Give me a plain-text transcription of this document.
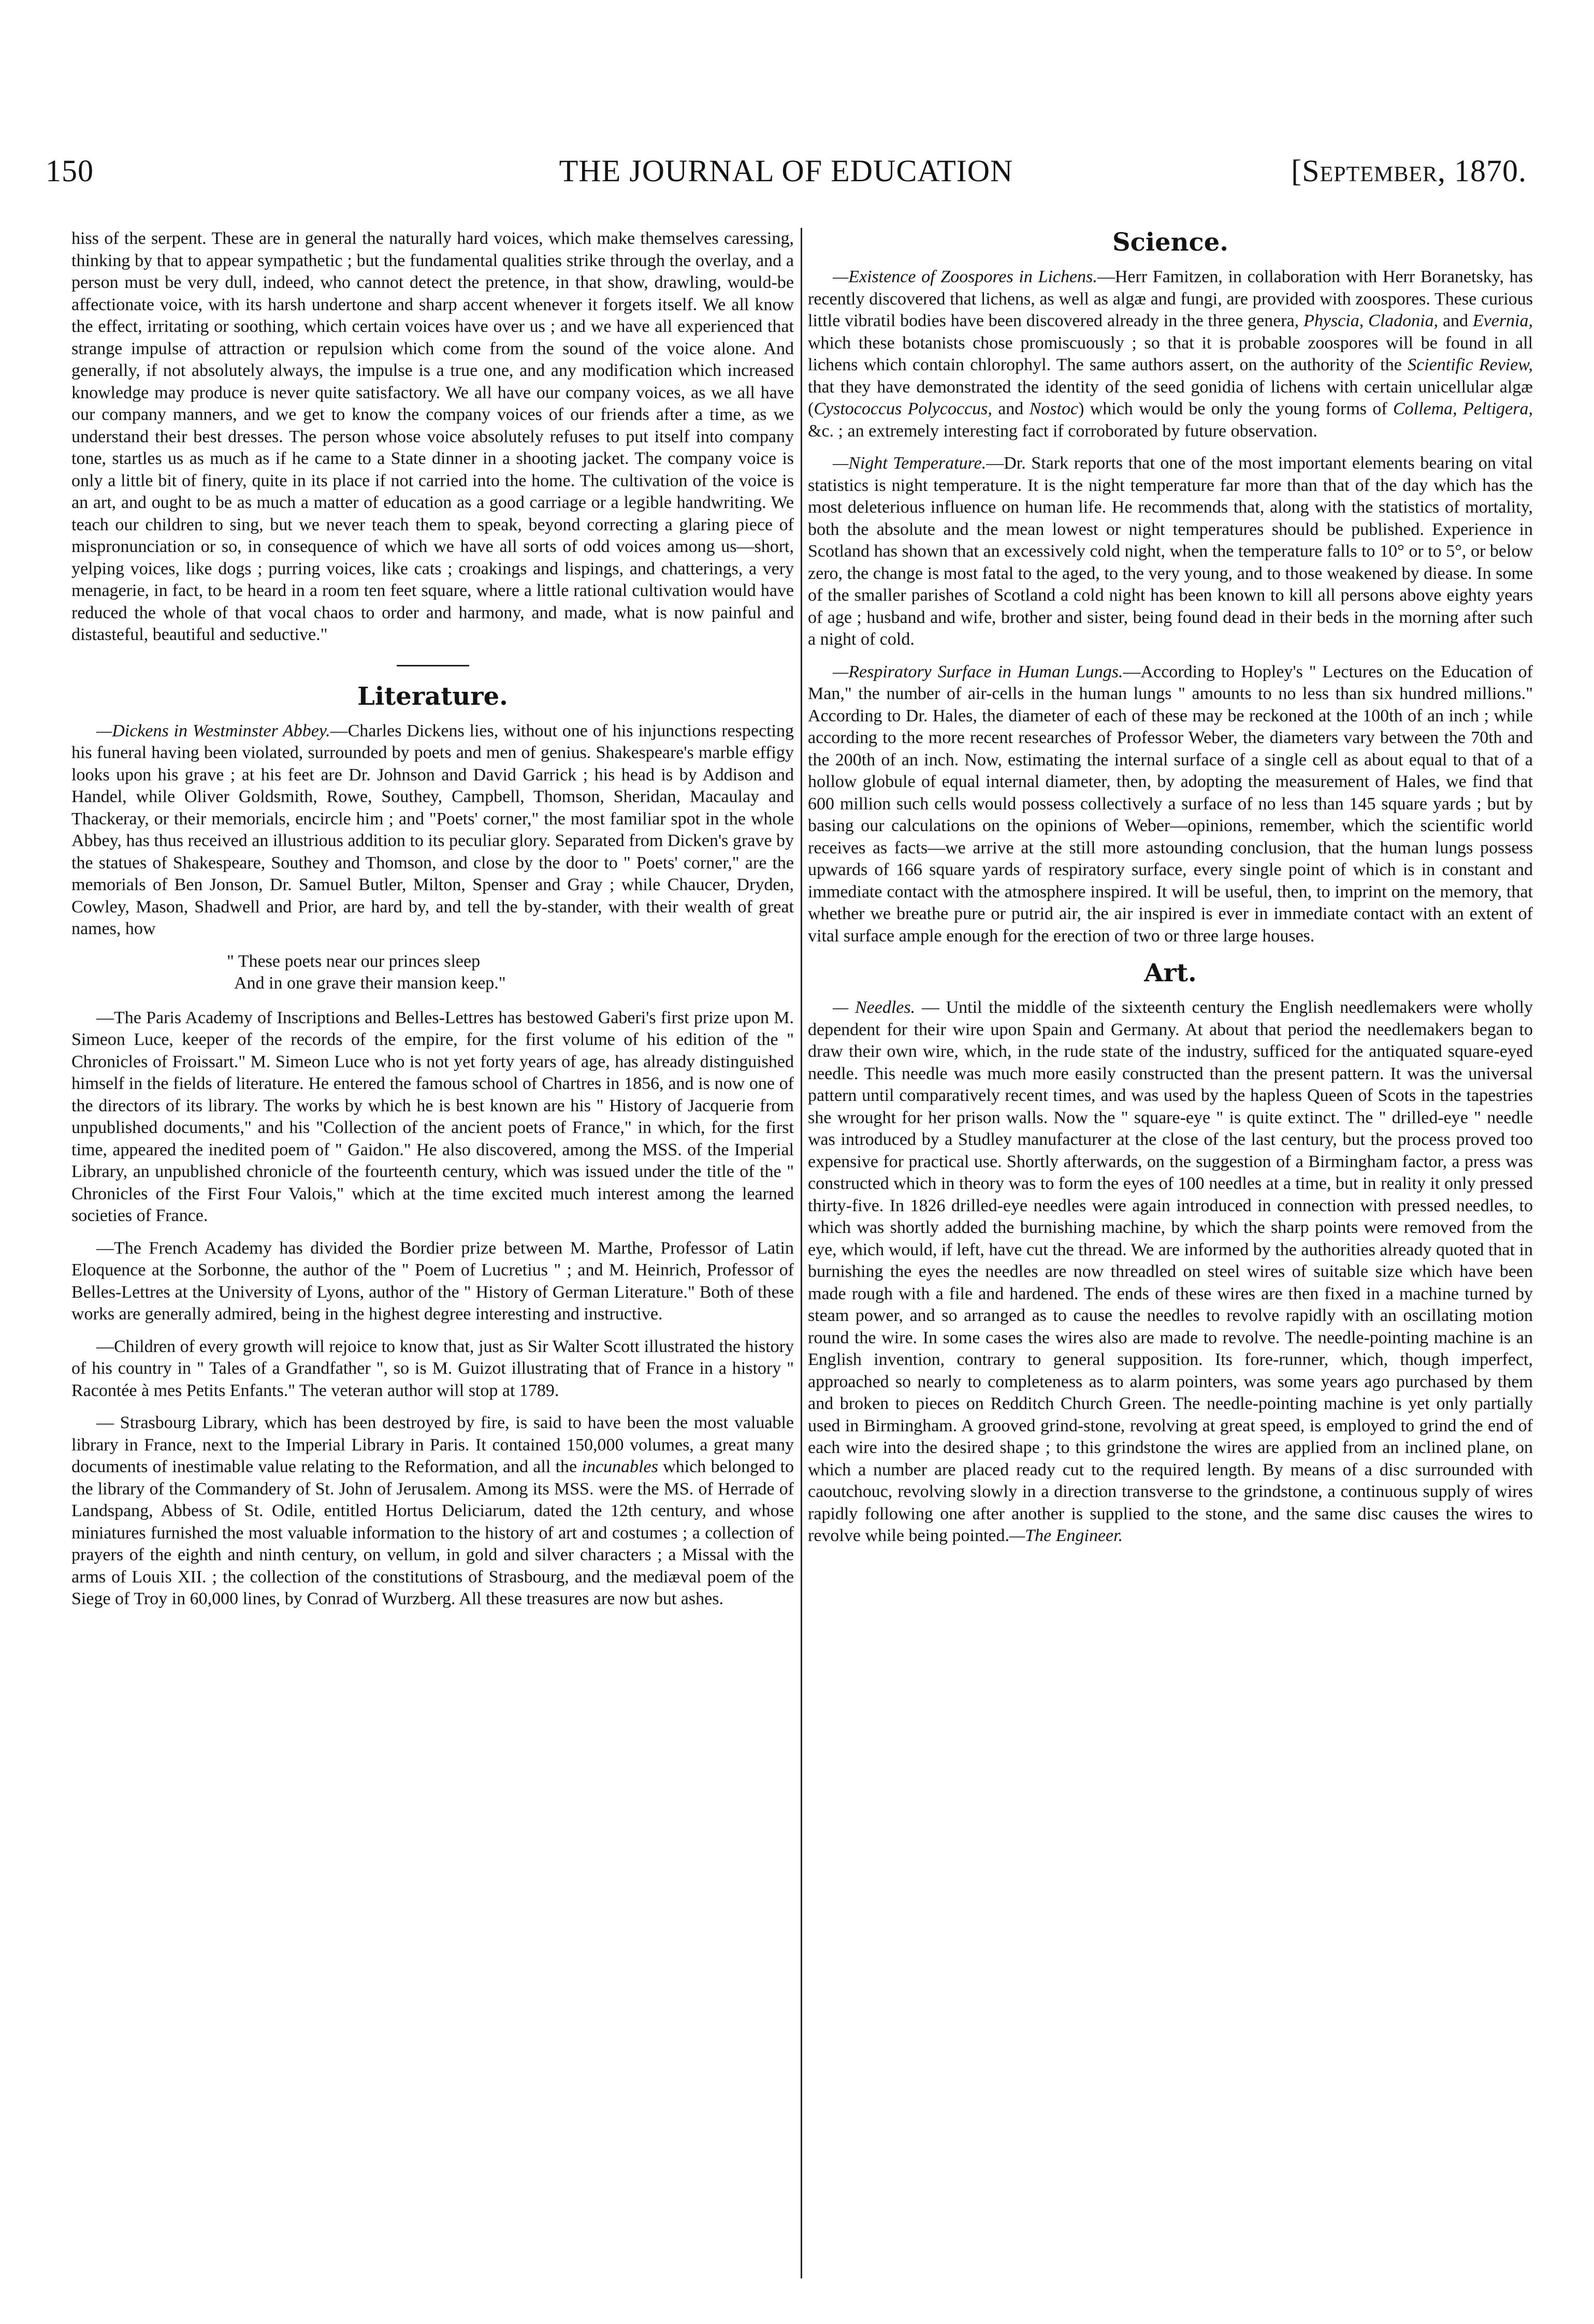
150	THE JOURNAL OF EDUCATION	[September, 1870.

hiss of the serpent. These are in general the naturally hard voices, which make themselves caressing, thinking by that to appear sympathetic ; but the fundamental qualities strike through the overlay, and a person must be very dull, indeed, who cannot detect the pretence, in that show, drawling, would-be affectionate voice, with its harsh undertone and sharp accent whenever it forgets itself. We all know the effect, irritating or soothing, which certain voices have over us ; and we have all experienced that strange impulse of attraction or repulsion which come from the sound of the voice alone. And generally, if not absolutely always, the impulse is a true one, and any modification which increased knowledge may produce is never quite satisfactory. We all have our company voices, as we all have our company manners, and we get to know the company voices of our friends after a time, as we understand their best dresses. The person whose voice absolutely refuses to put itself into company tone, startles us as much as if he came to a State dinner in a shooting jacket. The company voice is only a little bit of finery, quite in its place if not carried into the home. The cultivation of the voice is an art, and ought to be as much a matter of education as a good carriage or a legible handwriting. We teach our children to sing, but we never teach them to speak, beyond correcting a glaring piece of mispronunciation or so, in consequence of which we have all sorts of odd voices among us—short, yelping voices, like dogs ; purring voices, like cats ; croakings and lispings, and chatterings, a very menagerie, in fact, to be heard in a room ten feet square, where a little rational cultivation would have reduced the whole of that vocal chaos to order and harmony, and made, what is now painful and distasteful, beautiful and seductive."

Literature.

—Dickens in Westminster Abbey.—Charles Dickens lies, without one of his injunctions respecting his funeral having been violated, surrounded by poets and men of genius. Shakespeare's marble effigy looks upon his grave ; at his feet are Dr. Johnson and David Garrick ; his head is by Addison and Handel, while Oliver Goldsmith, Rowe, Southey, Campbell, Thomson, Sheridan, Macaulay and Thackeray, or their memorials, encircle him ; and "Poets' corner," the most familiar spot in the whole Abbey, has thus received an illustrious addition to its peculiar glory. Separated from Dicken's grave by the statues of Shakespeare, Southey and Thomson, and close by the door to " Poets' corner," are the memorials of Ben Jonson, Dr. Samuel Butler, Milton, Spenser and Gray ; while Chaucer, Dryden, Cowley, Mason, Shadwell and Prior, are hard by, and tell the by-stander, with their wealth of great names, how

" These poets near our princes sleep
And in one grave their mansion keep."

—The Paris Academy of Inscriptions and Belles-Lettres has bestowed Gaberi's first prize upon M. Simeon Luce, keeper of the records of the empire, for the first volume of his edition of the " Chronicles of Froissart." M. Simeon Luce who is not yet forty years of age, has already distinguished himself in the fields of literature. He entered the famous school of Chartres in 1856, and is now one of the directors of its library. The works by which he is best known are his " History of Jacquerie from unpublished documents," and his "Collection of the ancient poets of France," in which, for the first time, appeared the inedited poem of " Gaidon." He also discovered, among the MSS. of the Imperial Library, an unpublished chronicle of the fourteenth century, which was issued under the title of the " Chronicles of the First Four Valois," which at the time excited much interest among the learned societies of France.

—The French Academy has divided the Bordier prize between M. Marthe, Professor of Latin Eloquence at the Sorbonne, the author of the " Poem of Lucretius " ; and M. Heinrich, Professor of Belles-Lettres at the University of Lyons, author of the " History of German Literature." Both of these works are generally admired, being in the highest degree interesting and instructive.

—Children of every growth will rejoice to know that, just as Sir Walter Scott illustrated the history of his country in " Tales of a Grandfather ", so is M. Guizot illustrating that of France in a history " Racontée à mes Petits Enfants." The veteran author will stop at 1789.

— Strasbourg Library, which has been destroyed by fire, is said to have been the most valuable library in France, next to the Imperial Library in Paris. It contained 150,000 volumes, a great many documents of inestimable value relating to the Reformation, and all the incunables which belonged to the library of the Commandery of St. John of Jerusalem. Among its MSS. were the MS. of Herrade of Landspang, Abbess of St. Odile, entitled Hortus Deliciarum, dated the 12th century, and whose miniatures furnished the most valuable information to the history of art and costumes ; a collection of prayers of the eighth and ninth century, on vellum, in gold and silver characters ; a Missal with the arms of Louis XII. ; the collection of the constitutions of Strasbourg, and the mediæval poem of the Siege of Troy in 60,000 lines, by Conrad of Wurzberg. All these treasures are now but ashes.

Science.

—Existence of Zoospores in Lichens.—Herr Famitzen, in collaboration with Herr Boranetsky, has recently discovered that lichens, as well as algæ and fungi, are provided with zoospores. These curious little vibratil bodies have been discovered already in the three genera, Physcia, Cladonia, and Evernia, which these botanists chose promiscuously ; so that it is probable zoospores will be found in all lichens which contain chlorophyl. The same authors assert, on the authority of the Scientific Review, that they have demonstrated the identity of the seed gonidia of lichens with certain unicellular algæ (Cystococcus Polycoccus, and Nostoc) which would be only the young forms of Collema, Peltigera, &c. ; an extremely interesting fact if corroborated by future observation.

—Night Temperature.—Dr. Stark reports that one of the most important elements bearing on vital statistics is night temperature. It is the night temperature far more than that of the day which has the most deleterious influence on human life. He recommends that, along with the statistics of mortality, both the absolute and the mean lowest or night temperatures should be published. Experience in Scotland has shown that an excessively cold night, when the temperature falls to 10° or to 5°, or below zero, the change is most fatal to the aged, to the very young, and to those weakened by diease. In some of the smaller parishes of Scotland a cold night has been known to kill all persons above eighty years of age ; husband and wife, brother and sister, being found dead in their beds in the morning after such a night of cold.

—Respiratory Surface in Human Lungs.—According to Hopley's " Lectures on the Education of Man," the number of air-cells in the human lungs " amounts to no less than six hundred millions." According to Dr. Hales, the diameter of each of these may be reckoned at the 100th of an inch ; while according to the more recent researches of Professor Weber, the diameters vary between the 70th and the 200th of an inch. Now, estimating the internal surface of a single cell as about equal to that of a hollow globule of equal internal diameter, then, by adopting the measurement of Hales, we find that 600 million such cells would possess collectively a surface of no less than 145 square yards ; but by basing our calculations on the opinions of Weber—opinions, remember, which the scientific world receives as facts—we arrive at the still more astounding conclusion, that the human lungs possess upwards of 166 square yards of respiratory surface, every single point of which is in constant and immediate contact with the atmosphere inspired. It will be useful, then, to imprint on the memory, that whether we breathe pure or putrid air, the air inspired is ever in immediate contact with an extent of vital surface ample enough for the erection of two or three large houses.

Art.

— Needles. — Until the middle of the sixteenth century the English needlemakers were wholly dependent for their wire upon Spain and Germany. At about that period the needlemakers began to draw their own wire, which, in the rude state of the industry, sufficed for the antiquated square-eyed needle. This needle was much more easily constructed than the present pattern. It was the universal pattern until comparatively recent times, and was used by the hapless Queen of Scots in the tapestries she wrought for her prison walls. Now the " square-eye " is quite extinct. The " drilled-eye " needle was introduced by a Studley manufacturer at the close of the last century, but the process proved too expensive for practical use. Shortly afterwards, on the suggestion of a Birmingham factor, a press was constructed which in theory was to form the eyes of 100 needles at a time, but in reality it only pressed thirty-five. In 1826 drilled-eye needles were again introduced in connection with pressed needles, to which was shortly added the burnishing machine, by which the sharp points were removed from the eye, which would, if left, have cut the thread. We are informed by the authorities already quoted that in burnishing the eyes the needles are now threadled on steel wires of suitable size which have been made rough with a file and hardened. The ends of these wires are then fixed in a machine turned by steam power, and so arranged as to cause the needles to revolve rapidly with an oscillating motion round the wire. In some cases the wires also are made to revolve. The needle-pointing machine is an English invention, contrary to general supposition. Its fore-runner, which, though imperfect, approached so nearly to completeness as to alarm pointers, was some years ago purchased by them and broken to pieces on Redditch Church Green. The needle-pointing machine is yet only partially used in Birmingham. A grooved grind-stone, revolving at great speed, is employed to grind the end of each wire into the desired shape ; to this grindstone the wires are applied from an inclined plane, on which a number are placed ready cut to the required length. By means of a disc surrounded with caoutchouc, revolving slowly in a direction transverse to the grindstone, a continuous supply of wires rapidly following one after another is supplied to the stone, and the same disc causes the wires to revolve while being pointed.—The Engineer.
